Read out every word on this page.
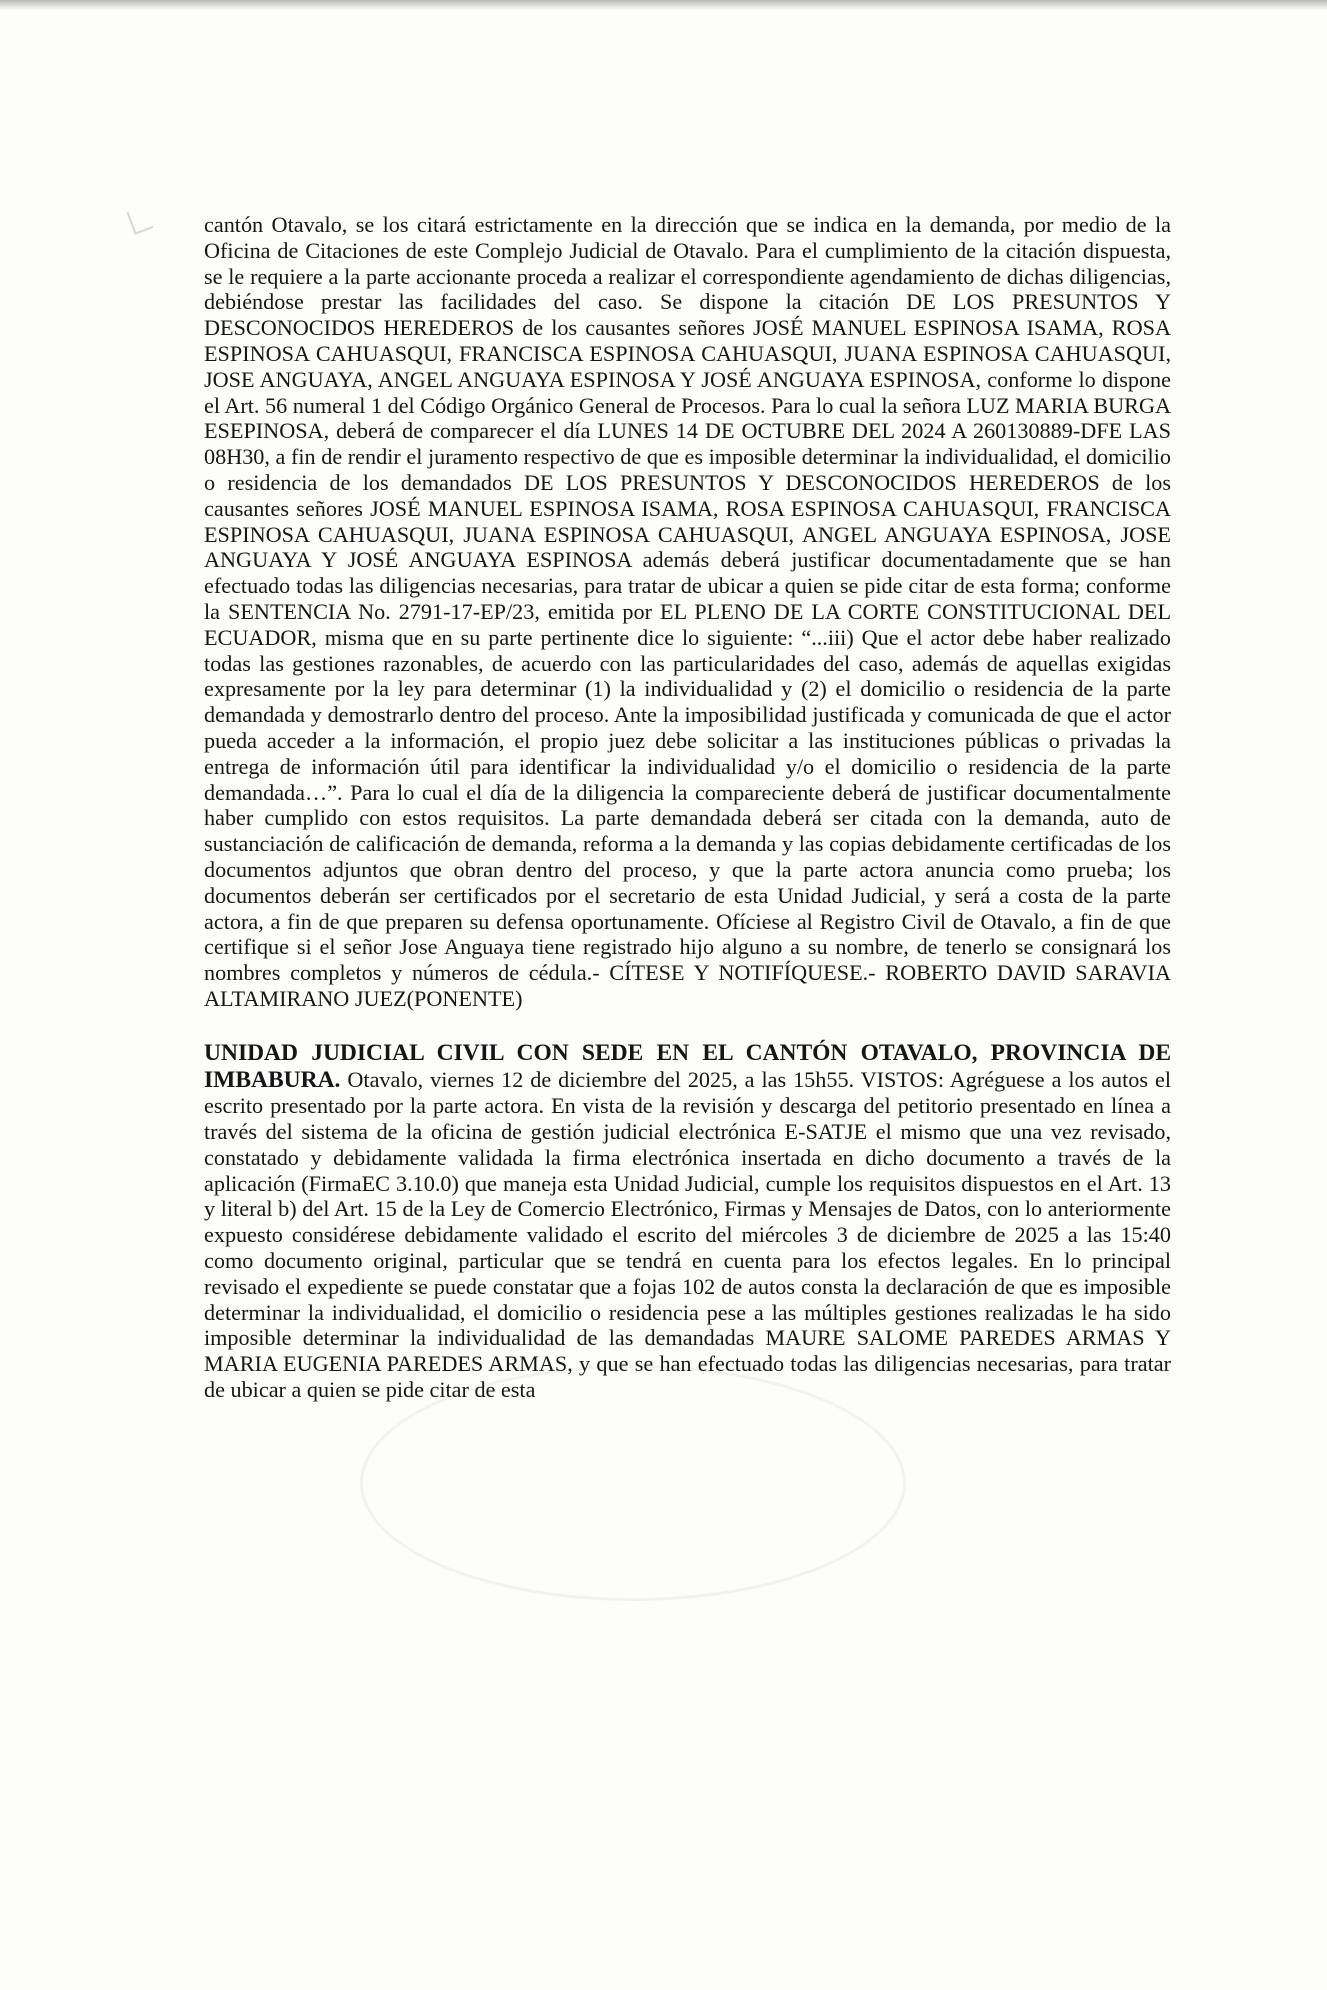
cantón Otavalo, se los citará estrictamente en la dirección que se indica en la demanda, por medio de la Oficina de Citaciones de este Complejo Judicial de Otavalo. Para el cumplimiento de la citación dispuesta, se le requiere a la parte accionante proceda a realizar el correspondiente agendamiento de dichas diligencias, debiéndose prestar las facilidades del caso. Se dispone la citación DE LOS PRESUNTOS Y DESCONOCIDOS HEREDEROS de los causantes señores JOSÉ MANUEL ESPINOSA ISAMA, ROSA ESPINOSA CAHUASQUI, FRANCISCA ESPINOSA CAHUASQUI, JUANA ESPINOSA CAHUASQUI, JOSE ANGUAYA, ANGEL ANGUAYA ESPINOSA Y JOSÉ ANGUAYA ESPINOSA, conforme lo dispone el Art. 56 numeral 1 del Código Orgánico General de Procesos. Para lo cual la señora LUZ MARIA BURGA ESEPINOSA, deberá de comparecer el día LUNES 14 DE OCTUBRE DEL 2024 A 260130889-DFE LAS 08H30, a fin de rendir el juramento respectivo de que es imposible determinar la individualidad, el domicilio o residencia de los demandados DE LOS PRESUNTOS Y DESCONOCIDOS HEREDEROS de los causantes señores JOSÉ MANUEL ESPINOSA ISAMA, ROSA ESPINOSA CAHUASQUI, FRANCISCA ESPINOSA CAHUASQUI, JUANA ESPINOSA CAHUASQUI, ANGEL ANGUAYA ESPINOSA, JOSE ANGUAYA Y JOSÉ ANGUAYA ESPINOSA además deberá justificar documentadamente que se han efectuado todas las diligencias necesarias, para tratar de ubicar a quien se pide citar de esta forma; conforme la SENTENCIA No. 2791-17-EP/23, emitida por EL PLENO DE LA CORTE CONSTITUCIONAL DEL ECUADOR, misma que en su parte pertinente dice lo siguiente: “...iii) Que el actor debe haber realizado todas las gestiones razonables, de acuerdo con las particularidades del caso, además de aquellas exigidas expresamente por la ley para determinar (1) la individualidad y (2) el domicilio o residencia de la parte demandada y demostrarlo dentro del proceso. Ante la imposibilidad justificada y comunicada de que el actor pueda acceder a la información, el propio juez debe solicitar a las instituciones públicas o privadas la entrega de información útil para identificar la individualidad y/o el domicilio o residencia de la parte demandada…”. Para lo cual el día de la diligencia la compareciente deberá de justificar documentalmente haber cumplido con estos requisitos. La parte demandada deberá ser citada con la demanda, auto de sustanciación de calificación de demanda, reforma a la demanda y las copias debidamente certificadas de los documentos adjuntos que obran dentro del proceso, y que la parte actora anuncia como prueba; los documentos deberán ser certificados por el secretario de esta Unidad Judicial, y será a costa de la parte actora, a fin de que preparen su defensa oportunamente. Ofíciese al Registro Civil de Otavalo, a fin de que certifique si el señor Jose Anguaya tiene registrado hijo alguno a su nombre, de tenerlo se consignará los nombres completos y números de cédula.- CÍTESE Y NOTIFÍQUESE.- ROBERTO DAVID SARAVIA ALTAMIRANO JUEZ(PONENTE)

UNIDAD JUDICIAL CIVIL CON SEDE EN EL CANTÓN OTAVALO, PROVINCIA DE IMBABURA. Otavalo, viernes 12 de diciembre del 2025, a las 15h55. VISTOS: Agréguese a los autos el escrito presentado por la parte actora. En vista de la revisión y descarga del petitorio presentado en línea a través del sistema de la oficina de gestión judicial electrónica E-SATJE el mismo que una vez revisado, constatado y debidamente validada la firma electrónica insertada en dicho documento a través de la aplicación (FirmaEC 3.10.0) que maneja esta Unidad Judicial, cumple los requisitos dispuestos en el Art. 13 y literal b) del Art. 15 de la Ley de Comercio Electrónico, Firmas y Mensajes de Datos, con lo anteriormente expuesto considérese debidamente validado el escrito del miércoles 3 de diciembre de 2025 a las 15:40 como documento original, particular que se tendrá en cuenta para los efectos legales. En lo principal revisado el expediente se puede constatar que a fojas 102 de autos consta la declaración de que es imposible determinar la individualidad, el domicilio o residencia pese a las múltiples gestiones realizadas le ha sido imposible determinar la individualidad de las demandadas MAURE SALOME PAREDES ARMAS Y MARIA EUGENIA PAREDES ARMAS, y que se han efectuado todas las diligencias necesarias, para tratar de ubicar a quien se pide citar de esta
